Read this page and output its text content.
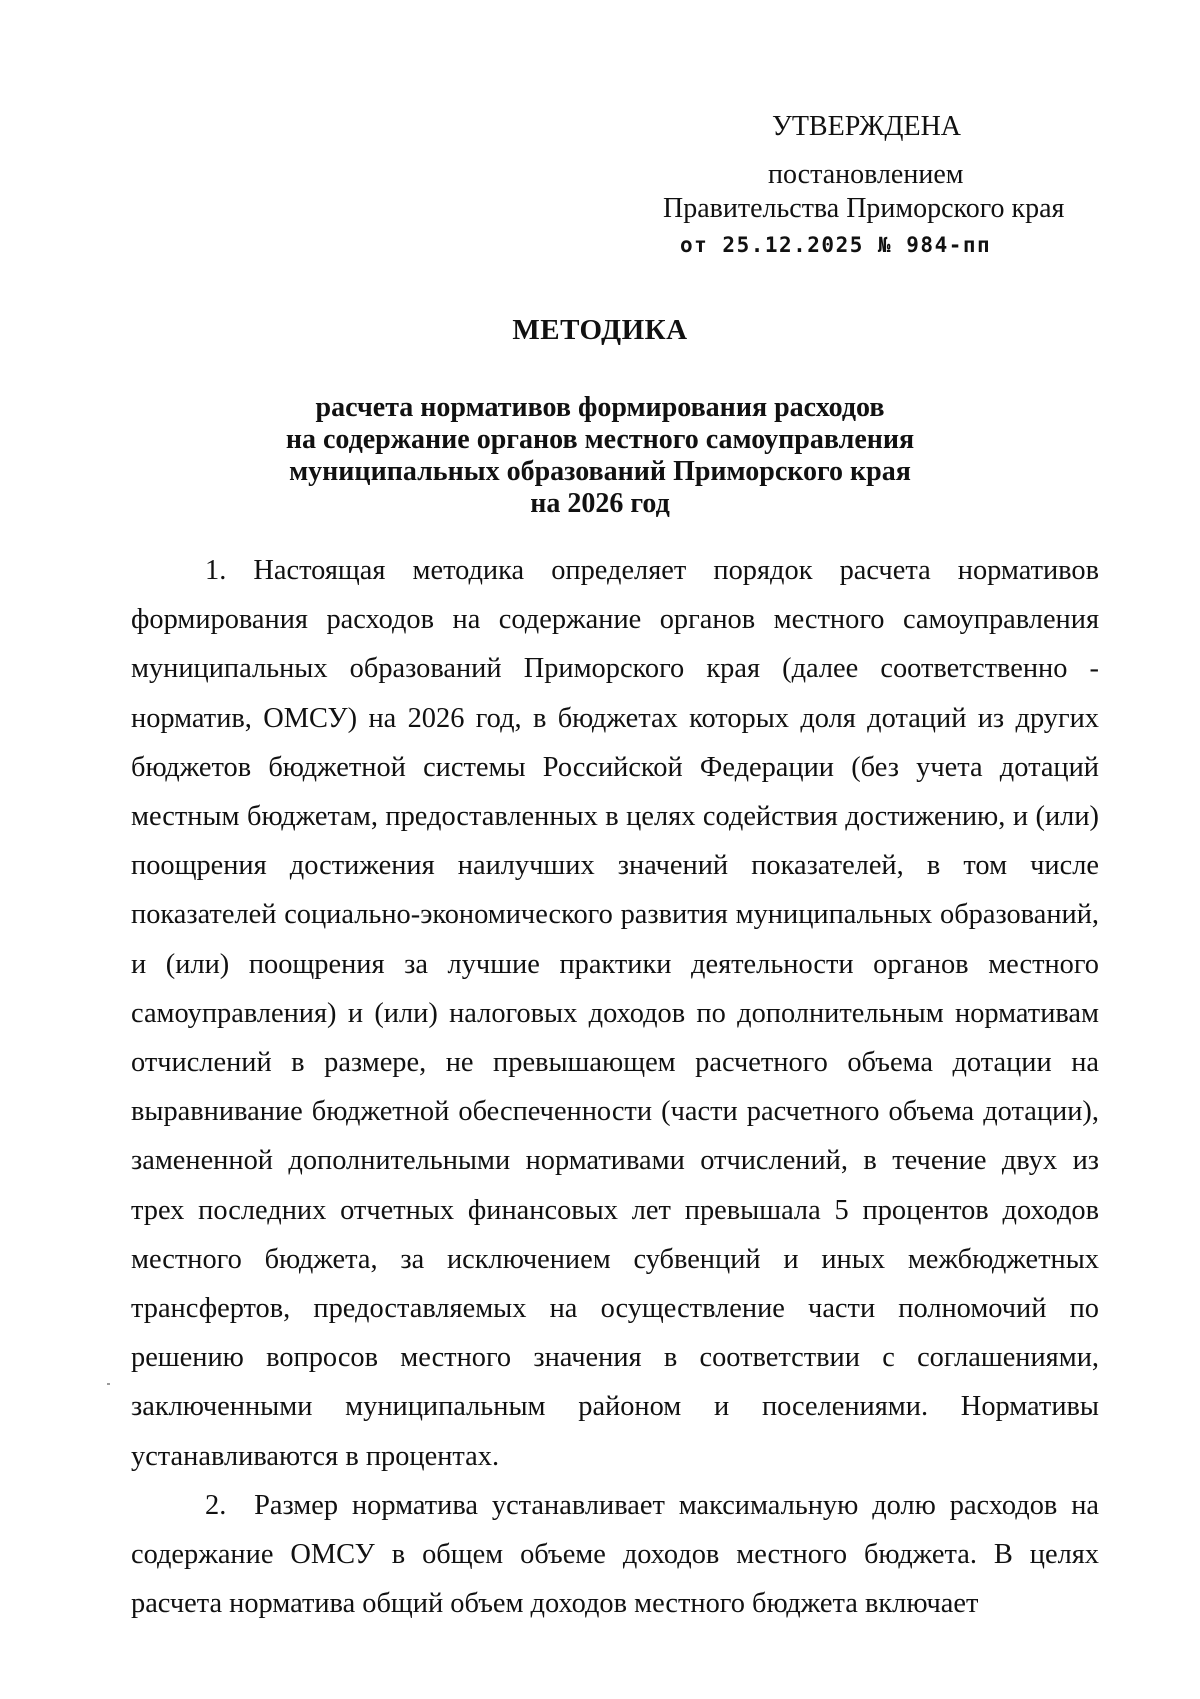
УТВЕРЖДЕНА
постановлением
Правительства Приморского края
от 25.12.2025 № 984-пп
МЕТОДИКА
расчета нормативов формирования расходов
на содержание органов местного самоуправления
муниципальных образований Приморского края
на 2026 год

1. Настоящая методика определяет порядок расчета нормативов формирования расходов на содержание органов местного самоуправления муниципальных образований Приморского края (далее соответственно - норматив, ОМСУ) на 2026 год, в бюджетах которых доля дотаций из других бюджетов бюджетной системы Российской Федерации (без учета дотаций местным бюджетам, предоставленных в целях содействия достижению, и (или) поощрения достижения наилучших значений показателей, в том числе показателей социально-экономического развития муниципальных образований, и (или) поощрения за лучшие практики деятельности органов местного самоуправления) и (или) налоговых доходов по дополнительным нормативам отчислений в размере, не превышающем расчетного объема дотации на выравнивание бюджетной обеспеченности (части расчетного объема дотации), замененной дополнительными нормативами отчислений, в течение двух из трех последних отчетных финансовых лет превышала 5 процентов доходов местного бюджета, за исключением субвенций и иных межбюджетных трансфертов, предоставляемых на осуществление части полномочий по решению вопросов местного значения в соответствии с соглашениями, заключенными муниципальным районом и поселениями. Нормативы устанавливаются в процентах.

2. Размер норматива устанавливает максимальную долю расходов на содержание ОМСУ в общем объеме доходов местного бюджета. В целях расчета норматива общий объем доходов местного бюджета включает
